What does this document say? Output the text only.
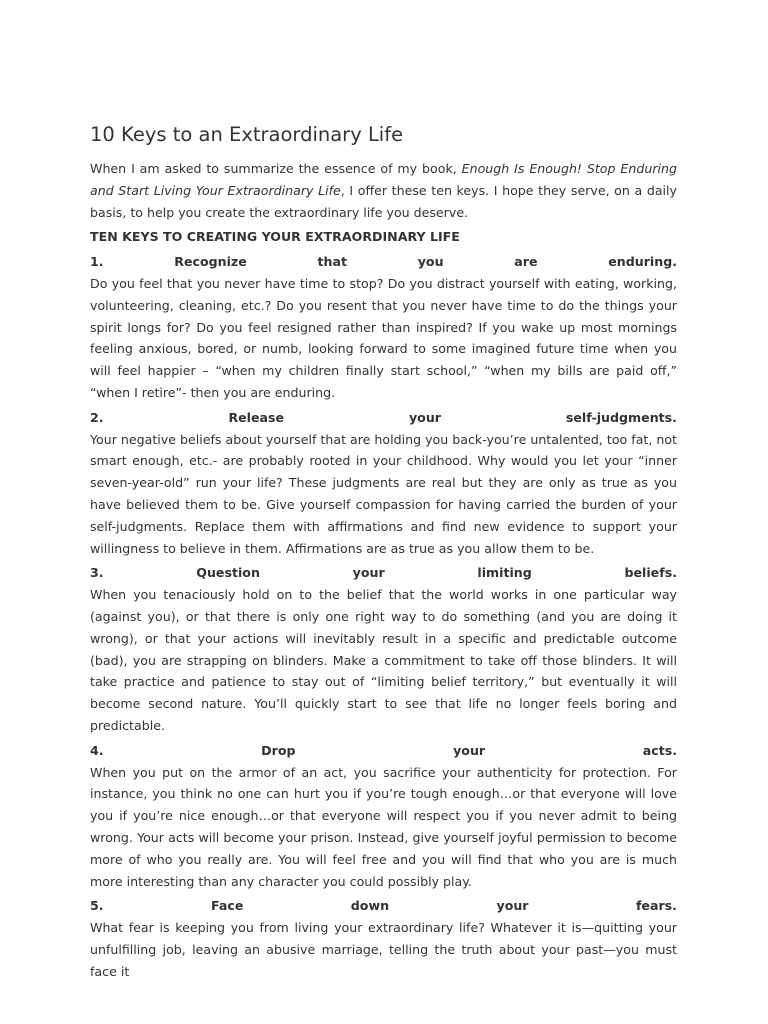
10 Keys to an Extraordinary Life

When I am asked to summarize the essence of my book, Enough Is Enough! Stop Enduring and Start Living Your Extraordinary Life, I offer these ten keys. I hope they serve, on a daily basis, to help you create the extraordinary life you deserve.

TEN KEYS TO CREATING YOUR EXTRAORDINARY LIFE
1.	Recognize	that	you	are	enduring.

Do you feel that you never have time to stop? Do you distract yourself with eating, working, volunteering, cleaning, etc.? Do you resent that you never have time to do the things your spirit longs for? Do you feel resigned rather than inspired? If you wake up most mornings feeling anxious, bored, or numb, looking forward to some imagined future time when you will feel happier – “when my children finally start school,” “when my bills are paid off,” “when I retire”- then you are enduring.

2.	Release	your	self-judgments.

Your negative beliefs about yourself that are holding you back-you’re untalented, too fat, not smart enough, etc.- are probably rooted in your childhood. Why would you let your “inner seven-year-old” run your life? These judgments are real but they are only as true as you have believed them to be. Give yourself compassion for having carried the burden of your self-judgments. Replace them with affirmations and find new evidence to support your willingness to believe in them. Affirmations are as true as you allow them to be.

3.	Question	your	limiting	beliefs.

When you tenaciously hold on to the belief that the world works in one particular way (against you), or that there is only one right way to do something (and you are doing it wrong), or that your actions will inevitably result in a specific and predictable outcome (bad), you are strapping on blinders. Make a commitment to take off those blinders. It will take practice and patience to stay out of “limiting belief territory,” but eventually it will become second nature. You’ll quickly start to see that life no longer feels boring and predictable.

4.	Drop	your	acts.

When you put on the armor of an act, you sacrifice your authenticity for protection. For instance, you think no one can hurt you if you’re tough enough…or that everyone will love you if you’re nice enough…or that everyone will respect you if you never admit to being wrong. Your acts will become your prison. Instead, give yourself joyful permission to become more of who you really are. You will feel free and you will find that who you are is much more interesting than any character you could possibly play.

5.	Face	down	your	fears.

What fear is keeping you from living your extraordinary life? Whatever it is—quitting your unfulfilling job, leaving an abusive marriage, telling the truth about your past—you must face it
